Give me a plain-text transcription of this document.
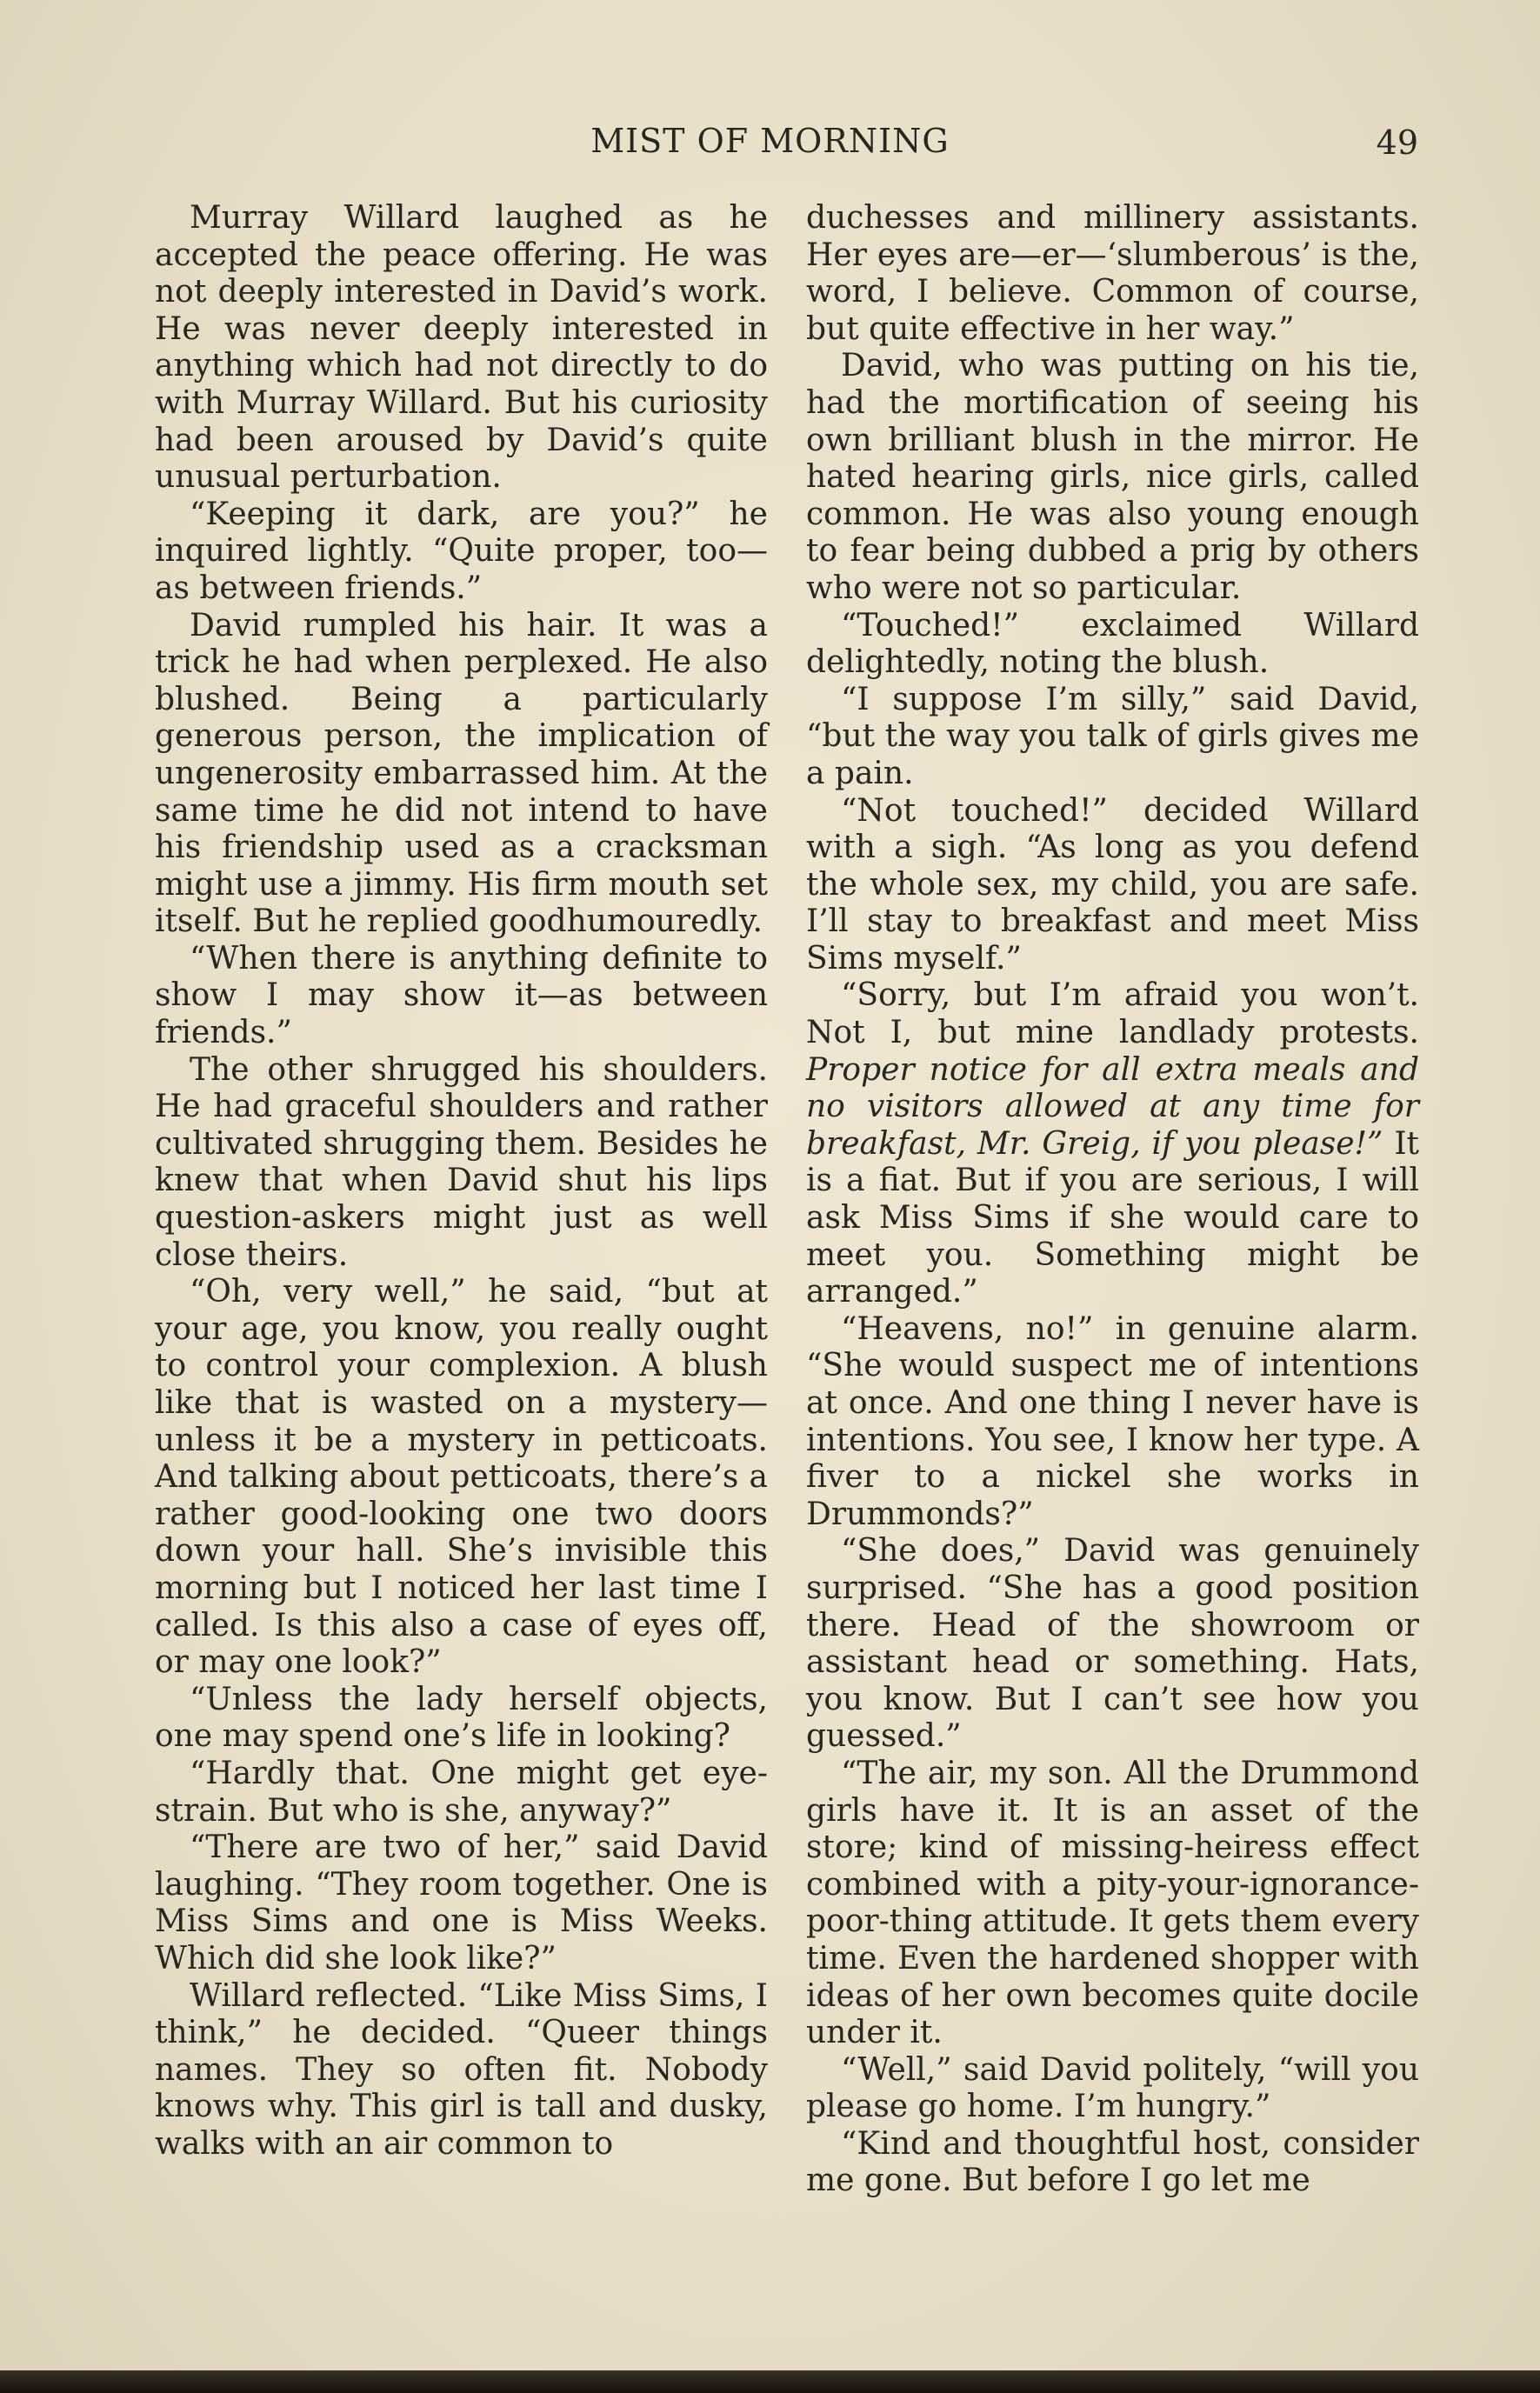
MIST OF MORNING	49

Murray Willard laughed as he accepted the peace offering. He was not deeply interested in David’s work. He was never deeply interested in anything which had not directly to do with Murray Willard. But his curiosity had been aroused by David’s quite unusual perturbation.

“Keeping it dark, are you?” he inquired lightly. “Quite proper, too—as between friends.”

David rumpled his hair. It was a trick he had when perplexed. He also blushed. Being a particularly generous person, the implication of ungenerosity embarrassed him. At the same time he did not intend to have his friendship used as a cracksman might use a jimmy. His firm mouth set itself. But he replied goodhumouredly.

“When there is anything definite to show I may show it—as between friends.”

The other shrugged his shoulders. He had graceful shoulders and rather cultivated shrugging them. Besides he knew that when David shut his lips question-askers might just as well close theirs.

“Oh, very well,” he said, “but at your age, you know, you really ought to control your complexion. A blush like that is wasted on a mystery—unless it be a mystery in petticoats. And talking about petticoats, there’s a rather good-looking one two doors down your hall. She’s invisible this morning but I noticed her last time I called. Is this also a case of eyes off, or may one look?”

“Unless the lady herself objects, one may spend one’s life in looking?

“Hardly that. One might get eye-strain. But who is she, anyway?”

“There are two of her,” said David laughing. “They room together. One is Miss Sims and one is Miss Weeks. Which did she look like?”

Willard reflected. “Like Miss Sims, I think,” he decided. “Queer things names. They so often fit. Nobody knows why. This girl is tall and dusky, walks with an air common to

duchesses and millinery assistants. Her eyes are—er—‘slumberous’ is the, word, I believe. Common of course, but quite effective in her way.”

David, who was putting on his tie, had the mortification of seeing his own brilliant blush in the mirror. He hated hearing girls, nice girls, called common. He was also young enough to fear being dubbed a prig by others who were not so particular.

“Touched!” exclaimed Willard delightedly, noting the blush.

“I suppose I’m silly,” said David, “but the way you talk of girls gives me a pain.

“Not touched!” decided Willard with a sigh. “As long as you defend the whole sex, my child, you are safe. I’ll stay to breakfast and meet Miss Sims myself.”

“Sorry, but I’m afraid you won’t. Not I, but mine landlady protests. Proper notice for all extra meals and no visitors allowed at any time for breakfast, Mr. Greig, if you please!” It is a fiat. But if you are serious, I will ask Miss Sims if she would care to meet you. Something might be arranged.”

“Heavens, no!” in genuine alarm. “She would suspect me of intentions at once. And one thing I never have is intentions. You see, I know her type. A fiver to a nickel she works in Drummonds?”

“She does,” David was genuinely surprised. “She has a good position there. Head of the showroom or assistant head or something. Hats, you know. But I can’t see how you guessed.”

“The air, my son. All the Drummond girls have it. It is an asset of the store; kind of missing-heiress effect combined with a pity-your-ignorance-poor-thing attitude. It gets them every time. Even the hardened shopper with ideas of her own becomes quite docile under it.

“Well,” said David politely, “will you please go home. I’m hungry.”

“Kind and thoughtful host, consider me gone. But before I go let me
